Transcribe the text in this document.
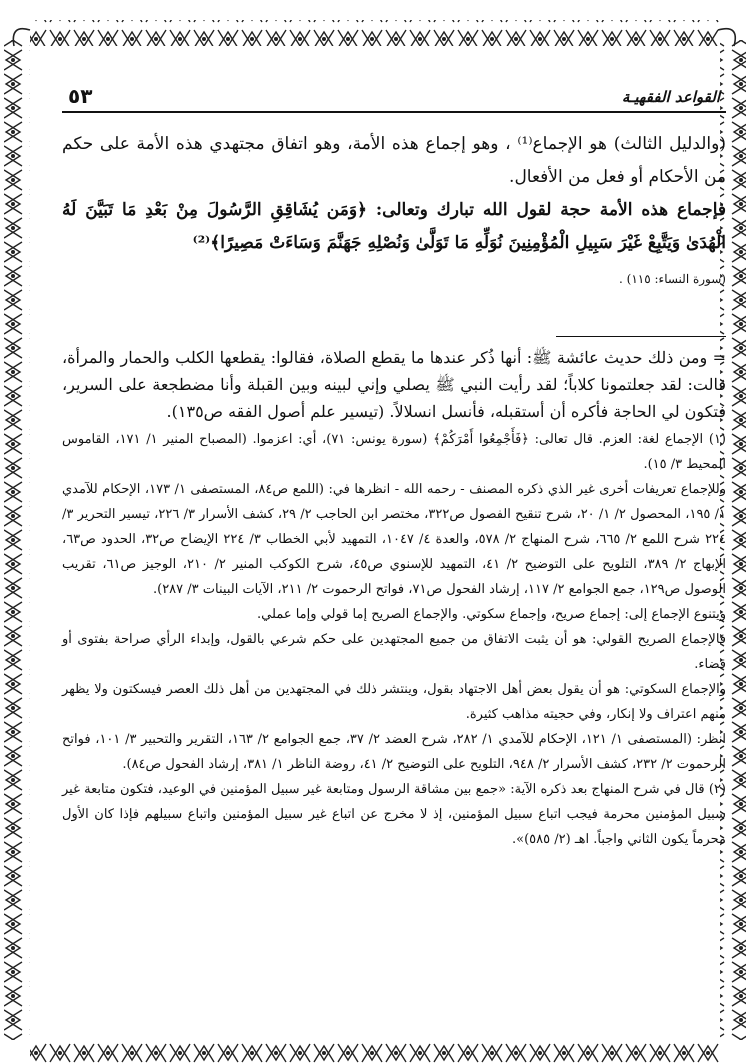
القواعد الفقهيـة
٥٣

(والدليل الثالث) هو الإجماع⁽¹⁾ ، وهو إجماع هذه الأمة، وهو اتفاق مجتهدي هذه الأمة على حكم من الأحكام أو فعل من الأفعال.

فإجماع هذه الأمة حجة لقول الله تبارك وتعالى: ﴿وَمَن يُشَاقِقِ الرَّسُولَ مِنْ بَعْدِ مَا تَبَيَّنَ لَهُ الْهُدَىٰ وَيَتَّبِعْ غَيْرَ سَبِيلِ الْمُؤْمِنِينَ نُوَلِّهِ مَا تَوَلَّىٰ وَنُصْلِهِ جَهَنَّمَ وَسَاءَتْ مَصِيرًا﴾⁽²⁾

(سورة النساء: ١١٥) .

= ومن ذلك حديث عائشة ﷺ: أنها ذُكر عندها ما يقطع الصلاة، فقالوا: يقطعها الكلب والحمار والمرأة، قالت: لقد جعلتمونا كلاباً؛ لقد رأيت النبي ﷺ يصلي وإني لبينه وبين القبلة وأنا مضطجعة على السرير، فتكون لي الحاجة فأكره أن أستقبله، فأنسل انسلالاً. (تيسير علم أصول الفقه ص١٣٥).

(١) الإجماع لغة: العزم. قال تعالى: ﴿فَأَجْمِعُوا أَمْرَكُمْ﴾ (سورة يونس: ٧١)، أي: اعزموا. (المصباح المنير ١/ ١٧١، القاموس المحيط ٣/ ١٥).

وللإجماع تعريفات أخرى غير الذي ذكره المصنف - رحمه الله - انظرها في: (اللمع ص٨٤، المستصفى ١/ ١٧٣، الإحكام للآمدي ١/ ١٩٥، المحصول ٢/ ١/ ٢٠، شرح تنقيح الفصول ص٣٢٢، مختصر ابن الحاجب ٢/ ٢٩، كشف الأسرار ٣/ ٢٢٦، تيسير التحرير ٣/ ٢٢٤ شرح اللمع ٢/ ٦٦٥، شرح المنهاج ٢/ ٥٧٨، والعدة ٤/ ١٠٤٧، التمهيد لأبي الخطاب ٣/ ٢٢٤ الإيضاح ص٣٢، الحدود ص٦٣، الإبهاج ٢/ ٣٨٩، التلويح على التوضيح ٢/ ٤١، التمهيد للإسنوي ص٤٥، شرح الكوكب المنير ٢/ ٢١٠، الوجيز ص٦١، تقريب الوصول ص١٢٩، جمع الجوامع ٢/ ١١٧، إرشاد الفحول ص٧١، فواتح الرحموت ٢/ ٢١١، الآيات البينات ٣/ ٢٨٧).

ويتنوع الإجماع إلى: إجماع صريح، وإجماع سكوتي. والإجماع الصريح إما قولي وإما عملي.

فالإجماع الصريح القولي: هو أن يثبت الاتفاق من جميع المجتهدين على حكم شرعي بالقول، وإبداء الرأي صراحة بفتوى أو قضاء.

والإجماع السكوتي: هو أن يقول بعض أهل الاجتهاد بقول، وينتشر ذلك في المجتهدين من أهل ذلك العصر فيسكتون ولا يظهر منهم اعتراف ولا إنكار، وفي حجيته مذاهب كثيرة.

انظر: (المستصفى ١/ ١٢١، الإحكام للآمدي ١/ ٢٨٢، شرح العضد ٢/ ٣٧، جمع الجوامع ٢/ ١٦٣، التقرير والتحبير ٣/ ١٠١، فواتح الرحموت ٢/ ٢٣٢، كشف الأسرار ٢/ ٩٤٨، التلويح على التوضيح ٢/ ٤١، روضة الناظر ١/ ٣٨١، إرشاد الفحول ص٨٤).

(٢) قال في شرح المنهاج بعد ذكره الآية: «جمع بين مشاقة الرسول ومتابعة غير سبيل المؤمنين في الوعيد، فتكون متابعة غير سبيل المؤمنين محرمة فيجب اتباع سبيل المؤمنين، إذ لا مخرج عن اتباع غير سبيل المؤمنين واتباع سبيلهم فإذا كان الأول محرماً يكون الثاني واجباً. اهـ (٢/ ٥٨٥)».
